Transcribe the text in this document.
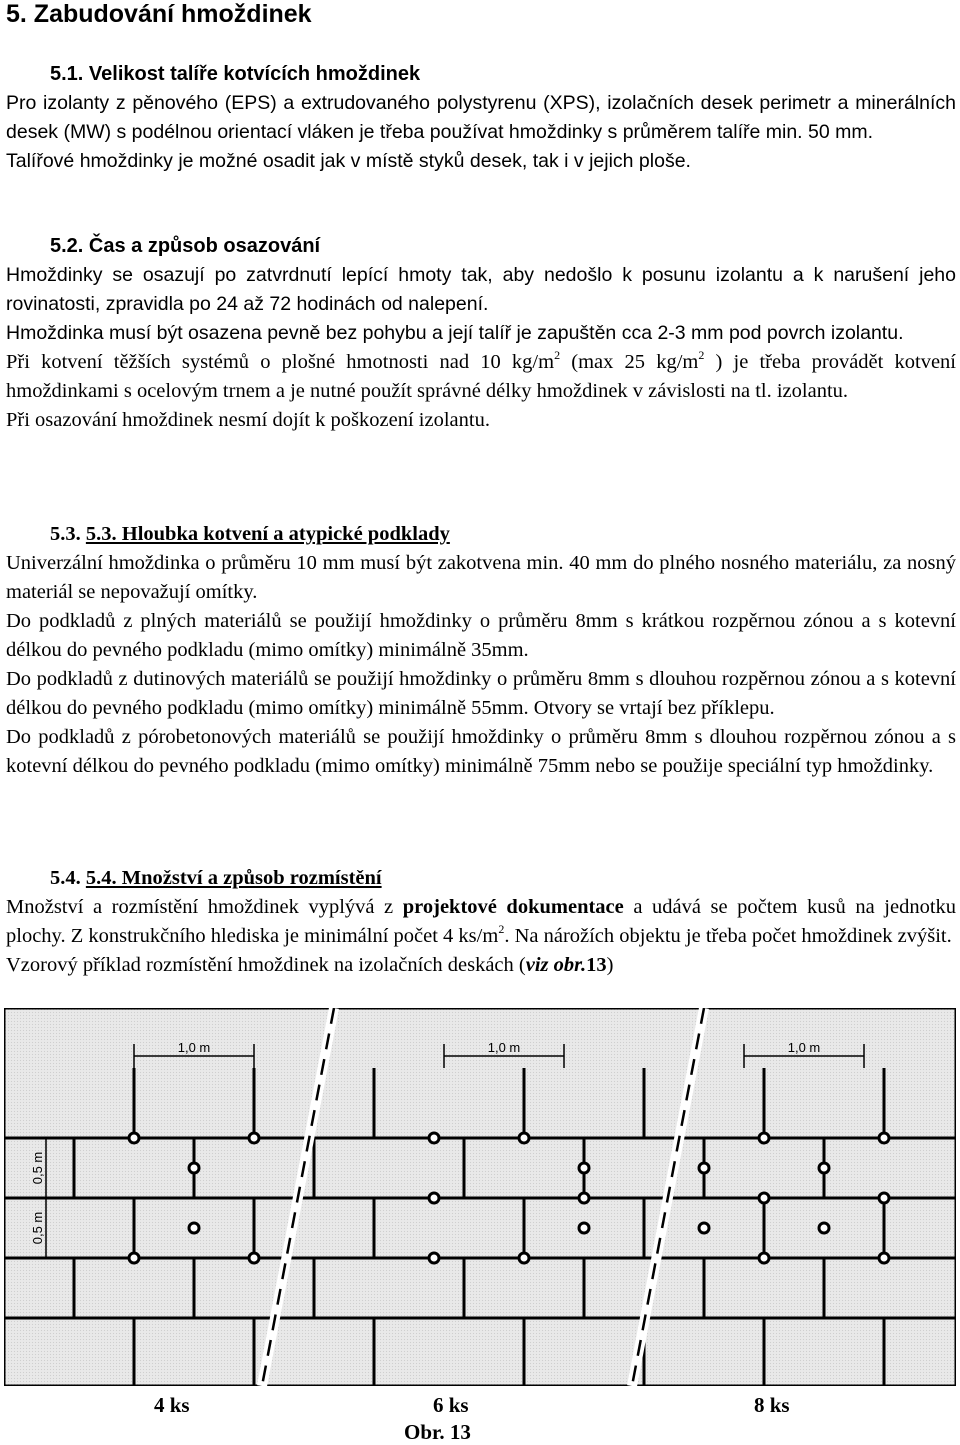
5. Zabudování hmoždinek
5.1. Velikost talíře kotvících hmoždinek

Pro izolanty z pěnového (EPS) a extrudovaného polystyrenu (XPS), izolačních desek perimetr a minerálních desek (MW) s podélnou orientací vláken je třeba používat hmoždinky s průměrem talíře min. 50 mm.

Talířové hmoždinky je možné osadit jak v místě styků desek, tak i v jejich ploše.

5.2. Čas a způsob osazování

Hmoždinky se osazují po zatvrdnutí lepící hmoty tak, aby nedošlo k posunu izolantu a k narušení jeho rovinatosti, zpravidla po 24 až 72 hodinách od nalepení.

Hmoždinka musí být osazena pevně bez pohybu a její talíř je zapuštěn cca 2-3 mm pod povrch izolantu.

Při kotvení těžších systémů o plošné hmotnosti nad 10 $kg/m^2$ (max 25 $kg/m^2$ ) je třeba provádět kotvení hmoždinkami s ocelovým trnem a je nutné použít správné délky hmoždinek v závislosti na tl. izolantu.

Při osazování hmoždinek nesmí dojít k poškození izolantu.

5.3. 5.3. Hloubka kotvení a atypické podklady

Univerzální hmoždinka o průměru 10 mm musí být zakotvena min. 40 mm do plného nosného materiálu, za nosný materiál se nepovažují omítky.

Do podkladů z plných materiálů se použijí hmoždinky o průměru 8mm s krátkou rozpěrnou zónou a s kotevní délkou do pevného podkladu (mimo omítky) minimálně 35mm.

Do podkladů z dutinových materiálů se použijí hmoždinky o průměru 8mm s dlouhou rozpěrnou zónou a s kotevní délkou do pevného podkladu (mimo omítky) minimálně 55mm. Otvory se vrtají bez příklepu.

Do podkladů z pórobetonových materiálů se použijí hmoždinky o průměru 8mm s dlouhou rozpěrnou zónou a s kotevní délkou do pevného podkladu (mimo omítky) minimálně 75mm nebo se použije speciální typ hmoždinky.

5.4. 5.4. Množství a způsob rozmístění

Množství a rozmístění hmoždinek vyplývá z projektové dokumentace a udává se počtem kusů na jednotku plochy. Z konstrukčního hlediska je minimální počet 4 $ks/m^2$. Na nárožích objektu je třeba počet hmoždinek zvýšit.

Vzorový příklad rozmístění hmoždinek na izolačních deskách (viz obr.13)

1,0 m	1,0 m	1,0 m
0,5 m
0,5 m
4 ks	6 ks	8 ks
Obr. 13
